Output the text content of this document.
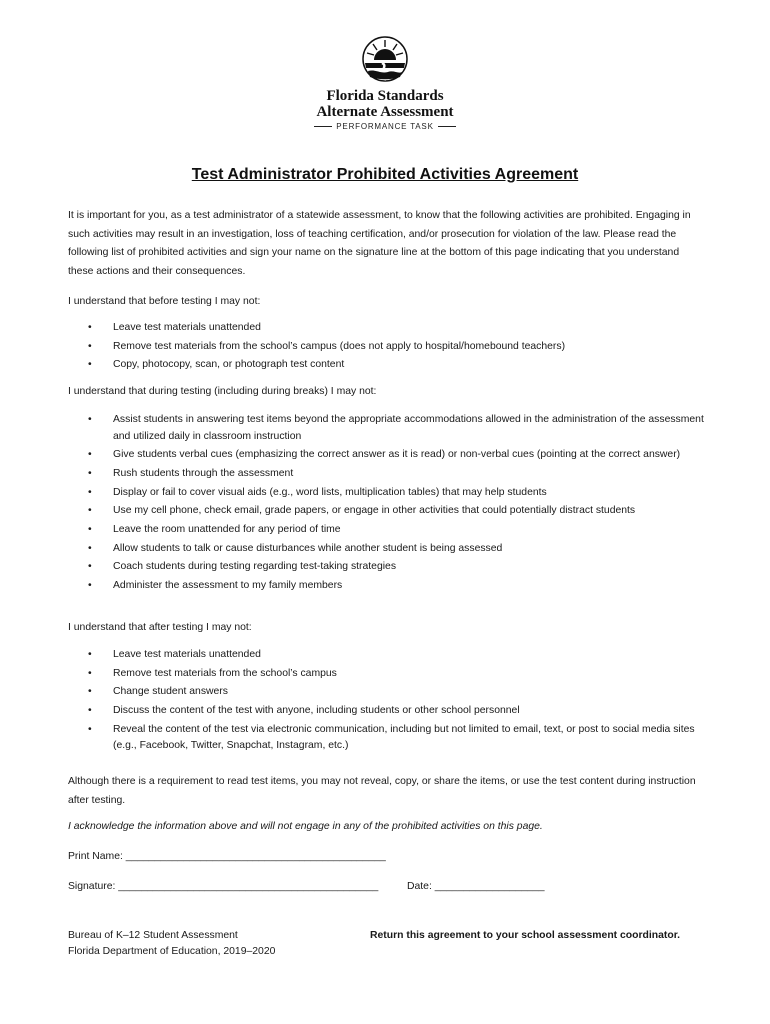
Florida Standards
Alternate Assessment
PERFORMANCE TASK
Test Administrator Prohibited Activities Agreement

It is important for you, as a test administrator of a statewide assessment, to know that the following activities are prohibited. Engaging in such activities may result in an investigation, loss of teaching certification, and/or prosecution for violation of the law. Please read the following list of prohibited activities and sign your name on the signature line at the bottom of this page indicating that you understand these actions and their consequences.

I understand that before testing I may not:

• Leave test materials unattended
• Remove test materials from the school’s campus (does not apply to hospital/homebound teachers)
• Copy, photocopy, scan, or photograph test content

I understand that during testing (including during breaks) I may not:

• Assist students in answering test items beyond the appropriate accommodations allowed in the administration of the assessment and utilized daily in classroom instruction
• Give students verbal cues (emphasizing the correct answer as it is read) or non-verbal cues (pointing at the correct answer)
• Rush students through the assessment
• Display or fail to cover visual aids (e.g., word lists, multiplication tables) that may help students
• Use my cell phone, check email, grade papers, or engage in other activities that could potentially distract students
• Leave the room unattended for any period of time
• Allow students to talk or cause disturbances while another student is being assessed
• Coach students during testing regarding test-taking strategies
• Administer the assessment to my family members

I understand that after testing I may not:

• Leave test materials unattended
• Remove test materials from the school’s campus
• Change student answers
• Discuss the content of the test with anyone, including students or other school personnel
• Reveal the content of the test via electronic communication, including but not limited to email, text, or post to social media sites (e.g., Facebook, Twitter, Snapchat, Instagram, etc.)

Although there is a requirement to read test items, you may not reveal, copy, or share the items, or use the test content during instruction after testing.

I acknowledge the information above and will not engage in any of the prohibited activities on this page.

Print Name: _____________________________________________
Signature: _____________________________________________	Date: ___________________
Bureau of K–12 Student Assessment
Florida Department of Education, 2019–2020
Return this agreement to your school assessment coordinator.
